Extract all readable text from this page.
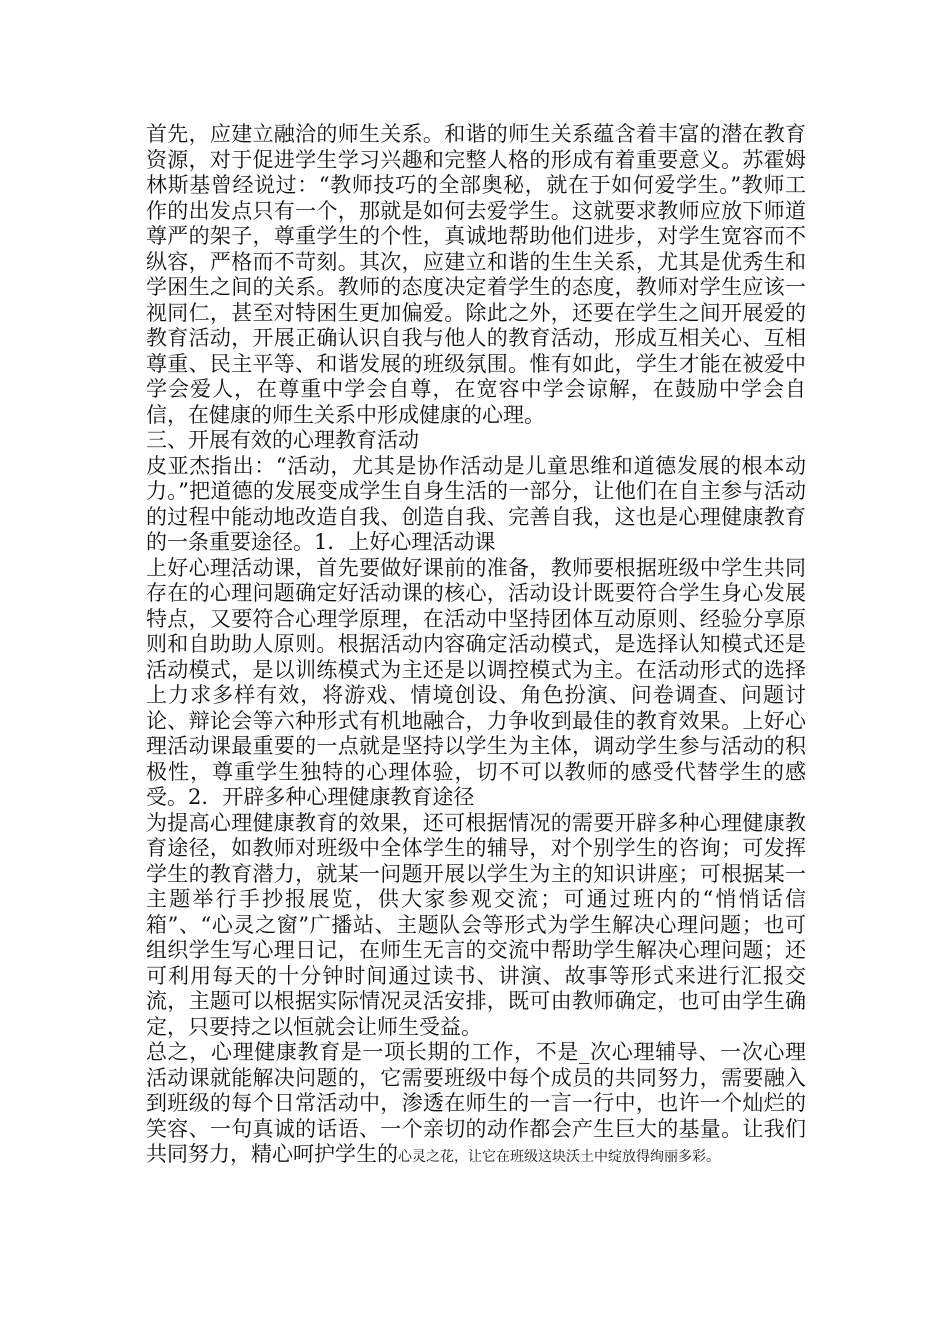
首先，应建立融洽的师生关系。和谐的师生关系蕴含着丰富的潜在教育资源，对于促进学生学习兴趣和完整人格的形成有着重要意义。苏霍姆林斯基曾经说过：“教师技巧的全部奥秘，就在于如何爱学生。”教师工作的出发点只有一个，那就是如何去爱学生。这就要求教师应放下师道尊严的架子，尊重学生的个性，真诚地帮助他们进步，对学生宽容而不纵容，严格而不苛刻。其次，应建立和谐的生生关系，尤其是优秀生和学困生之间的关系。教师的态度决定着学生的态度，教师对学生应该一视同仁，甚至对特困生更加偏爱。除此之外，还要在学生之间开展爱的教育活动，开展正确认识自我与他人的教育活动，形成互相关心、互相尊重、民主平等、和谐发展的班级氛围。惟有如此，学生才能在被爱中学会爱人，在尊重中学会自尊，在宽容中学会谅解，在鼓励中学会自信，在健康的师生关系中形成健康的心理。

三、开展有效的心理教育活动

皮亚杰指出：“活动，尤其是协作活动是儿童思维和道德发展的根本动力。”把道德的发展变成学生自身生活的一部分，让他们在自主参与活动的过程中能动地改造自我、创造自我、完善自我，这也是心理健康教育的一条重要途径。1．上好心理活动课

上好心理活动课，首先要做好课前的准备，教师要根据班级中学生共同存在的心理问题确定好活动课的核心，活动设计既要符合学生身心发展特点，又要符合心理学原理，在活动中坚持团体互动原则、经验分享原则和自助助人原则。根据活动内容确定活动模式，是选择认知模式还是活动模式，是以训练模式为主还是以调控模式为主。在活动形式的选择上力求多样有效，将游戏、情境创设、角色扮演、问卷调查、问题讨论、辩论会等六种形式有机地融合，力争收到最佳的教育效果。上好心理活动课最重要的一点就是坚持以学生为主体，调动学生参与活动的积极性，尊重学生独特的心理体验，切不可以教师的感受代替学生的感受。2．开辟多种心理健康教育途径

为提高心理健康教育的效果，还可根据情况的需要开辟多种心理健康教育途径，如教师对班级中全体学生的辅导，对个别学生的咨询；可发挥学生的教育潜力，就某一问题开展以学生为主的知识讲座；可根据某一主题举行手抄报展览，供大家参观交流；可通过班内的“悄悄话信箱”、“心灵之窗”广播站、主题队会等形式为学生解决心理问题；也可组织学生写心理日记，在师生无言的交流中帮助学生解决心理问题；还可利用每天的十分钟时间通过读书、讲演、故事等形式来进行汇报交流，主题可以根据实际情况灵活安排，既可由教师确定，也可由学生确定，只要持之以恒就会让师生受益。

总之，心理健康教育是一项长期的工作，不是_次心理辅导、一次心理活动课就能解决问题的，它需要班级中每个成员的共同努力，需要融入到班级的每个日常活动中，渗透在师生的一言一行中，也许一个灿烂的笑容、一句真诚的话语、一个亲切的动作都会产生巨大的基量。让我们共同努力，精心呵护学生的心灵之花，让它在班级这块沃土中绽放得绚丽多彩。
